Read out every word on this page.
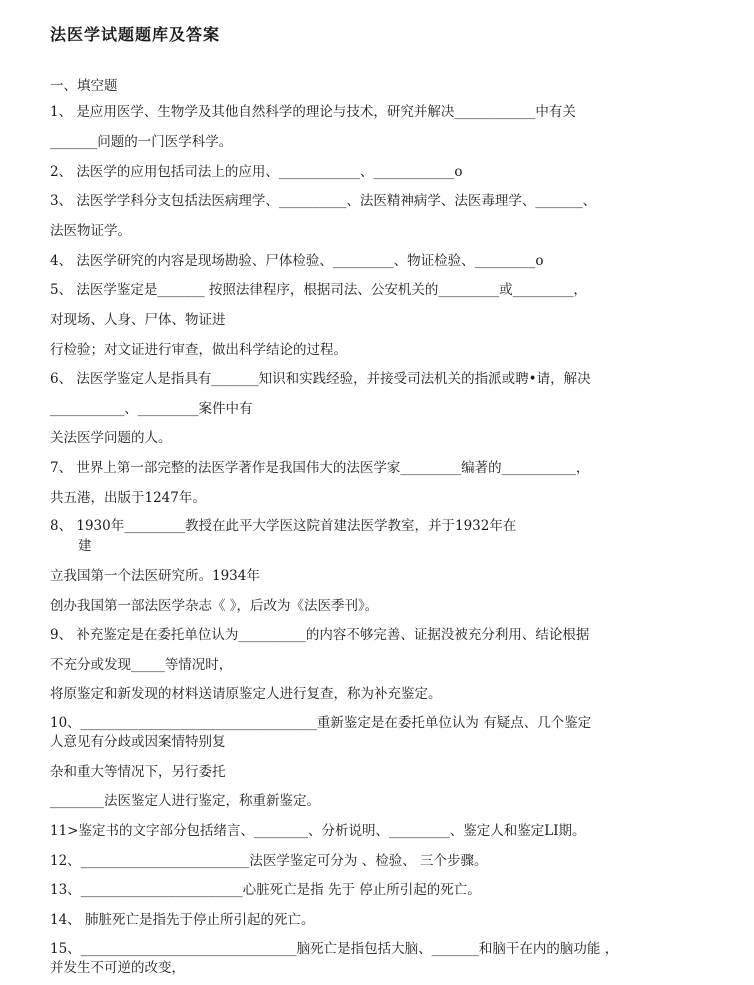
法医学试题题库及答案
一、填空题
1、 是应用医学、生物学及其他自然科学的理论与技术，研究并解决____________中有关
_______问题的一门医学科学。
2、 法医学的应用包括司法上的应用、____________、____________o
3、 法医学学科分支包括法医病理学、__________、法医精神病学、法医毒理学、_______、
法医物证学。
4、 法医学研究的内容是现场勘验、尸体检验、_________、物证检验、_________o
5、 法医学鉴定是_______ 按照法律程序，根据司法、公安机关的_________或_________，
对现场、人身、尸体、物证进
行检验；对文证进行审查，做出科学结论的过程。
6、 法医学鉴定人是指具有_______知识和实践经验，并接受司法机关的指派或聘•请，解决
___________、_________案件中有
关法医学问题的人。
7、 世界上第一部完整的法医学著作是我国伟大的法医学家_________编著的___________，
共五港，出版于1247年。
8、 1930年_________教授在此平大学医这院首建法医学教室，并于1932年在
建
立我国第一个法医研究所。1934年
创办我国第一部法医学杂志《 》，后改为《法医季刊》。
9、 补充鉴定是在委托单位认为__________的内容不够完善、证据没被充分利用、结论根据
不充分或发现_____等情况时，
将原鉴定和新发现的材料送请原鉴定人进行复查，称为补充鉴定。
10、___________________________________重新鉴定是在委托单位认为 有疑点、几个鉴定
人意见有分歧或因案情特别复
杂和重大等情况下，另行委托
________法医鉴定人进行鉴定，称重新鉴定。
11>鉴定书的文字部分包括绪言、________、分析说明、_________、鉴定人和鉴定LI期。
12、_________________________法医学鉴定可分为 、检验、 三个步骤。
13、________________________心脏死亡是指 先于 停止所引起的死亡。
14、 肺脏死亡是指先于停止所引起的死亡。
15、________________________________脑死亡是指包括大脑、_______和脑干在内的脑功能 ，
并发生不可逆的改变，
